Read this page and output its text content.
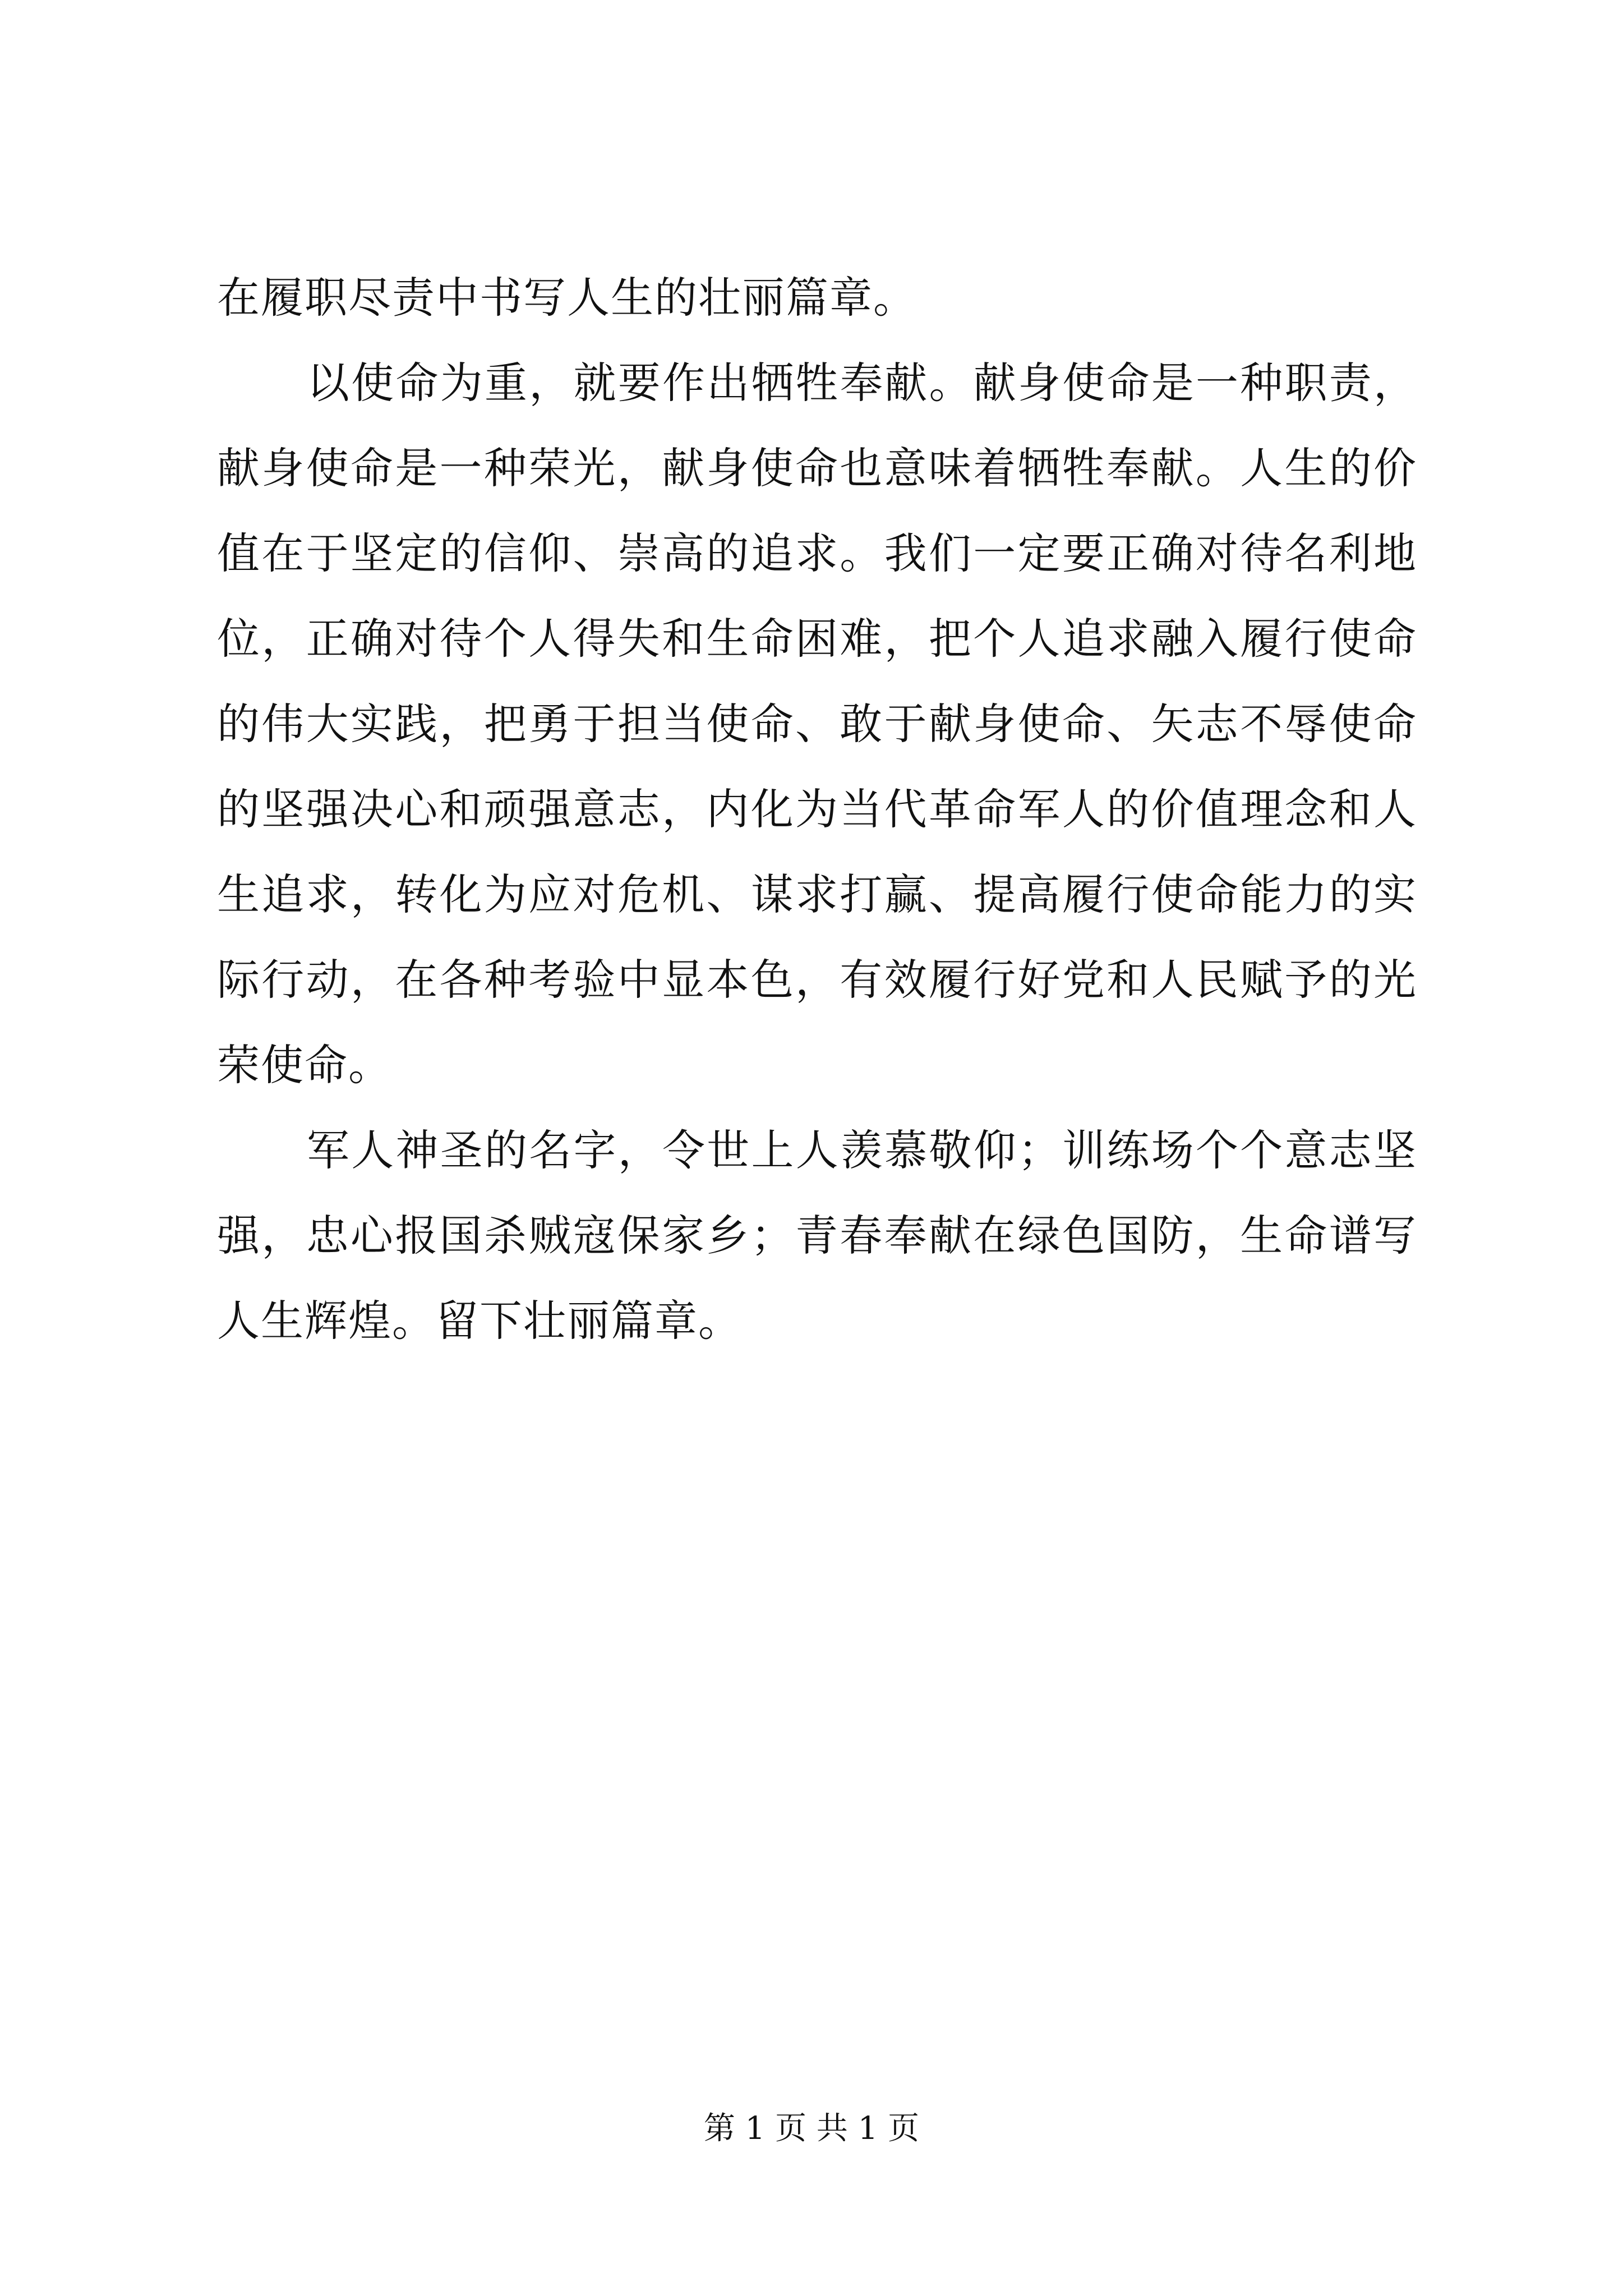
在履职尽责中书写人生的壮丽篇章。

以使命为重，就要作出牺牲奉献。献身使命是一种职责，献身使命是一种荣光，献身使命也意味着牺牲奉献。人生的价值在于坚定的信仰、崇高的追求。我们一定要正确对待名利地位，正确对待个人得失和生命困难，把个人追求融入履行使命的伟大实践，把勇于担当使命、敢于献身使命、矢志不辱使命的坚强决心和顽强意志，内化为当代革命军人的价值理念和人生追求，转化为应对危机、谋求打赢、提高履行使命能力的实际行动，在各种考验中显本色，有效履行好党和人民赋予的光荣使命。

军人神圣的名字，令世上人羡慕敬仰；训练场个个意志坚强，忠心报国杀贼寇保家乡；青春奉献在绿色国防，生命谱写人生辉煌。留下壮丽篇章。

第 1 页 共 1 页
